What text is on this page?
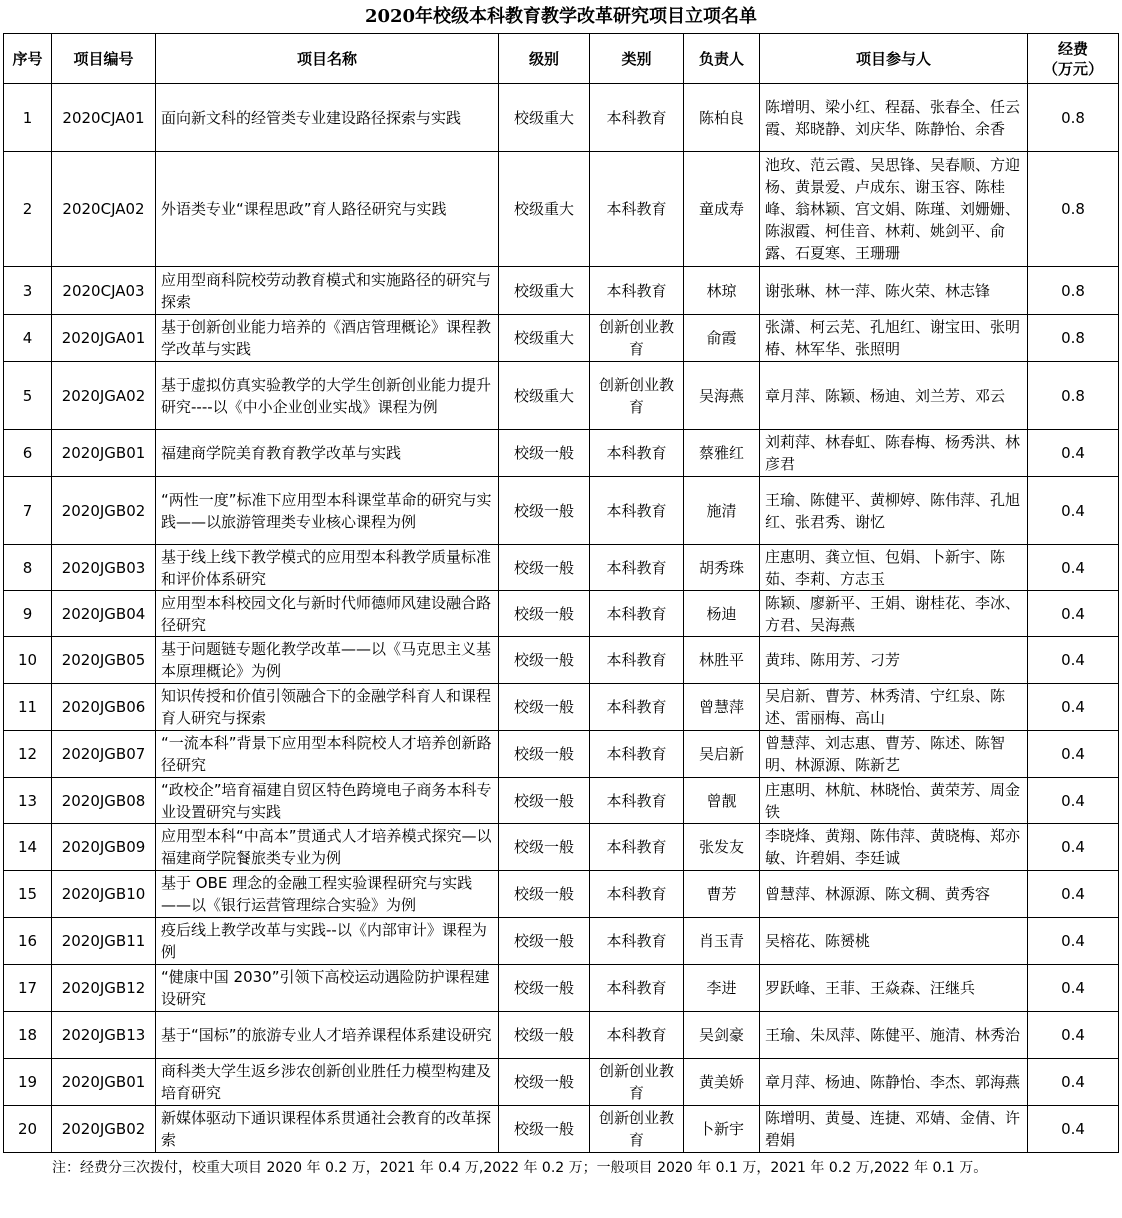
2020年校级本科教育教学改革研究项目立项名单
序号	项目编号	项目名称	级别	类别	负责人	项目参与人	经费
（万元）
1	2020CJA01	面向新文科的经管类专业建设路径探索与实践	校级重大	本科教育	陈柏良	陈增明、梁小红、程磊、张春全、任云霞、郑晓静、刘庆华、陈静怡、余香	0.8
2	2020CJA02	外语类专业“课程思政”育人路径研究与实践	校级重大	本科教育	童成寿	池玫、范云霞、吴思锋、吴春顺、方迎杨、黄景爱、卢成东、谢玉容、陈桂峰、翁林颖、宫文娟、陈瑾、刘姗姗、陈淑霞、柯佳音、林莉、姚剑平、俞露、石夏寒、王珊珊	0.8
3	2020CJA03	应用型商科院校劳动教育模式和实施路径的研究与探索	校级重大	本科教育	林琼	谢张琳、林一萍、陈火荣、林志锋	0.8
4	2020JGA01	基于创新创业能力培养的《酒店管理概论》课程教学改革与实践	校级重大	创新创业教育	俞霞	张潇、柯云芜、孔旭红、谢宝田、张明椿、林军华、张照明	0.8
5	2020JGA02	基于虚拟仿真实验教学的大学生创新创业能力提升研究----以《中小企业创业实战》课程为例	校级重大	创新创业教育	吴海燕	章月萍、陈颖、杨迪、刘兰芳、邓云	0.8
6	2020JGB01	福建商学院美育教育教学改革与实践	校级一般	本科教育	蔡雅红	刘莉萍、林春虹、陈春梅、杨秀洪、林彦君	0.4
7	2020JGB02	“两性一度”标准下应用型本科课堂革命的研究与实践——以旅游管理类专业核心课程为例	校级一般	本科教育	施清	王瑜、陈健平、黄柳婷、陈伟萍、孔旭红、张君秀、谢忆	0.4
8	2020JGB03	基于线上线下教学模式的应用型本科教学质量标准和评价体系研究	校级一般	本科教育	胡秀珠	庄惠明、龚立恒、包娟、卜新宇、陈茹、李莉、方志玉	0.4
9	2020JGB04	应用型本科校园文化与新时代师德师风建设融合路径研究	校级一般	本科教育	杨迪	陈颖、廖新平、王娟、谢桂花、李冰、方君、吴海燕	0.4
10	2020JGB05	基于问题链专题化教学改革——以《马克思主义基本原理概论》为例	校级一般	本科教育	林胜平	黄玮、陈用芳、刁芳	0.4
11	2020JGB06	知识传授和价值引领融合下的金融学科育人和课程育人研究与探索	校级一般	本科教育	曾慧萍	吴启新、曹芳、林秀清、宁红泉、陈述、雷丽梅、高山	0.4
12	2020JGB07	“一流本科”背景下应用型本科院校人才培养创新路径研究	校级一般	本科教育	吴启新	曾慧萍、刘志惠、曹芳、陈述、陈智明、林源源、陈新艺	0.4
13	2020JGB08	“政校企”培育福建自贸区特色跨境电子商务本科专业设置研究与实践	校级一般	本科教育	曾靓	庄惠明、林航、林晓怡、黄荣芳、周金铁	0.4
14	2020JGB09	应用型本科“中高本”贯通式人才培养模式探究—以福建商学院餐旅类专业为例	校级一般	本科教育	张发友	李晓烽、黄翔、陈伟萍、黄晓梅、郑亦敏、许碧娟、李廷诚	0.4
15	2020JGB10	基于 OBE 理念的金融工程实验课程研究与实践——以《银行运营管理综合实验》为例	校级一般	本科教育	曹芳	曾慧萍、林源源、陈文稠、黄秀容	0.4
16	2020JGB11	疫后线上教学改革与实践--以《内部审计》课程为例	校级一般	本科教育	肖玉青	吴榕花、陈赟桃	0.4
17	2020JGB12	“健康中国 2030”引领下高校运动遇险防护课程建设研究	校级一般	本科教育	李进	罗跃峰、王菲、王焱森、汪继兵	0.4
18	2020JGB13	基于“国标”的旅游专业人才培养课程体系建设研究	校级一般	本科教育	吴剑豪	王瑜、朱凤萍、陈健平、施清、林秀治	0.4
19	2020JGB01	商科类大学生返乡涉农创新创业胜任力模型构建及培育研究	校级一般	创新创业教育	黄美娇	章月萍、杨迪、陈静怡、李杰、郭海燕	0.4
20	2020JGB02	新媒体驱动下通识课程体系贯通社会教育的改革探索	校级一般	创新创业教育	卜新宇	陈增明、黄曼、连捷、邓婧、金倩、许碧娟	0.4
注：经费分三次拨付，校重大项目 2020 年 0.2 万，2021 年 0.4 万,2022 年 0.2 万；一般项目 2020 年 0.1 万，2021 年 0.2 万,2022 年 0.1 万。
